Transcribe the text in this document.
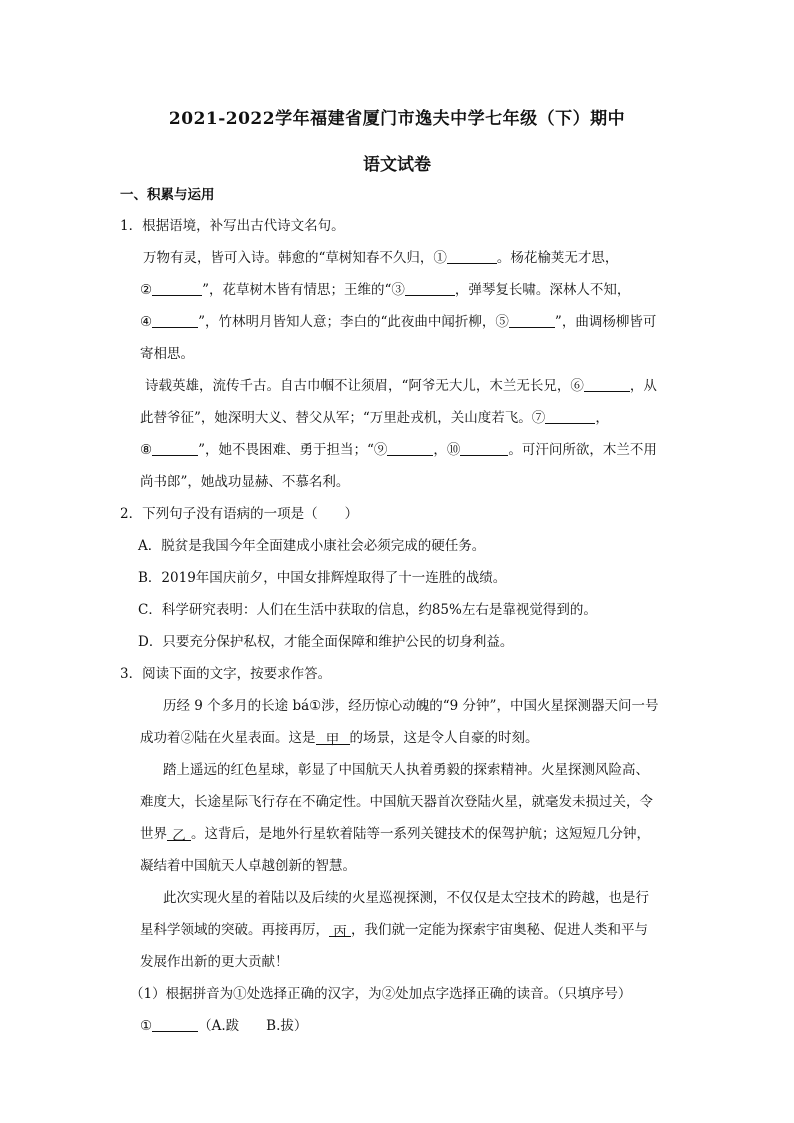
2021-2022学年福建省厦门市逸夫中学七年级（下）期中
语文试卷
一、积累与运用
1．根据语境，补写出古代诗文名句。
万物有灵，皆可入诗。韩愈的“草树知春不久归，①	。杨花榆荚无才思，
②	”，花草树木皆有情思；王维的“③	，弹琴复长啸。深林人不知，
④	”，竹林明月皆知人意；李白的“此夜曲中闻折柳，⑤	”，曲调杨柳皆可
寄相思。
诗载英雄，流传千古。自古巾帼不让须眉，“阿爷无大儿，木兰无长兄，⑥	，从
此替爷征”，她深明大义、替父从军；“万里赴戎机，关山度若飞。⑦	，
⑧	”，她不畏困难、勇于担当；“⑨	，⑩	。可汗问所欲，木兰不用
尚书郎”，她战功显赫、不慕名利。
2．下列句子没有语病的一项是（　　）
A．脱贫是我国今年全面建成小康社会必须完成的硬任务。
B．2019年国庆前夕，中国女排辉煌取得了十一连胜的战绩。
C．科学研究表明：人们在生活中获取的信息，约85%左右是靠视觉得到的。
D．只要充分保护私权，才能全面保障和维护公民的切身利益。
3．阅读下面的文字，按要求作答。
历经 9 个多月的长途 bá①涉，经历惊心动魄的“9 分钟”，中国火星探测器天问一号
成功着②陆在火星表面。这是 甲 的场景，这是令人自豪的时刻。
踏上遥远的红色星球，彰显了中国航天人执着勇毅的探索精神。火星探测风险高、
难度大，长途星际飞行存在不确定性。中国航天器首次登陆火星，就毫发未损过关，令
世界 乙 。这背后，是地外行星软着陆等一系列关键技术的保驾护航；这短短几分钟，
凝结着中国航天人卓越创新的智慧。
此次实现火星的着陆以及后续的火星巡视探测，不仅仅是太空技术的跨越，也是行
星科学领域的突破。再接再厉， 丙 ，我们就一定能为探索宇宙奥秘、促进人类和平与
发展作出新的更大贡献！
（1）根据拼音为①处选择正确的汉字，为②处加点字选择正确的读音。（只填序号）
①	（A.跋　　B.拔）
